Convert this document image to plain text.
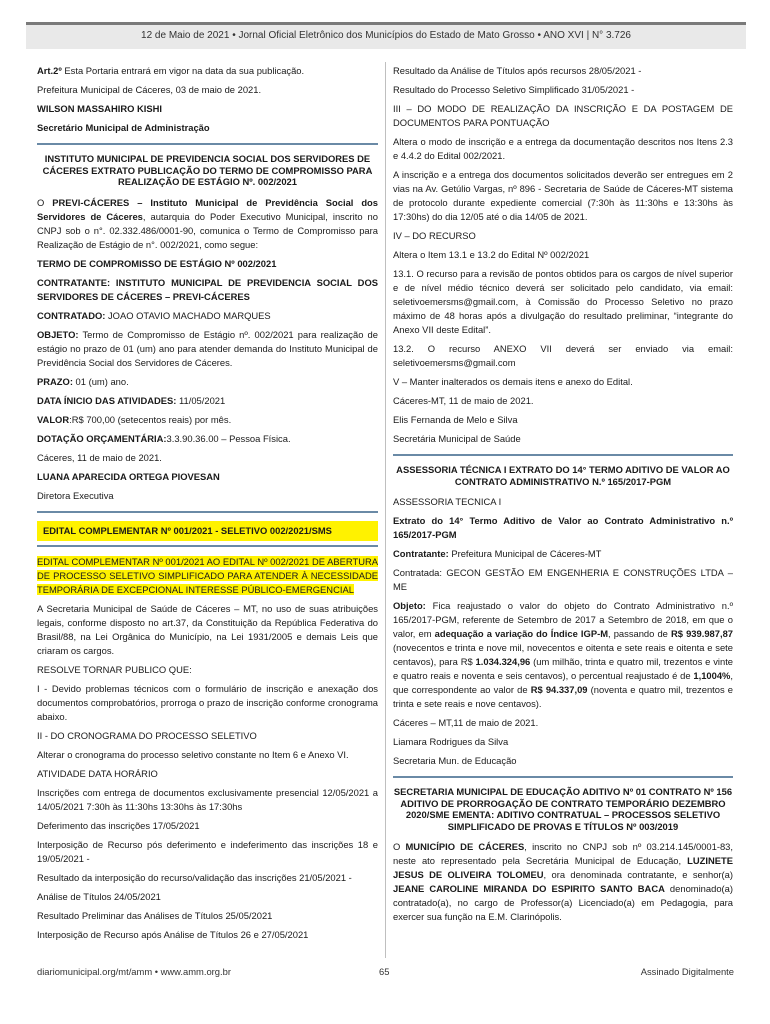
12 de Maio de 2021 • Jornal Oficial Eletrônico dos Municípios do Estado de Mato Grosso • ANO XVI | N° 3.726

Art.2º Esta Portaria entrará em vigor na data da sua publicação.

Prefeitura Municipal de Cáceres, 03 de maio de 2021.

WILSON MASSAHIRO KISHI

Secretário Municipal de Administração

INSTITUTO MUNICIPAL DE PREVIDENCIA SOCIAL DOS SERVIDORES DE CÁCERES EXTRATO PUBLICAÇÃO DO TERMO DE COMPROMISSO PARA REALIZAÇÃO DE ESTÁGIO Nº. 002/2021

O PREVI-CÁCERES – Instituto Municipal de Previdência Social dos Servidores de Cáceres, autarquia do Poder Executivo Municipal, inscrito no CNPJ sob o n°. 02.332.486/0001-90, comunica o Termo de Compromisso para Realização de Estágio de n°. 002/2021, como segue:

TERMO DE COMPROMISSO DE ESTÁGIO Nº 002/2021

CONTRATANTE: INSTITUTO MUNICIPAL DE PREVIDENCIA SOCIAL DOS SERVIDORES DE CÁCERES – PREVI-CÁCERES

CONTRATADO: JOAO OTAVIO MACHADO MARQUES

OBJETO: Termo de Compromisso de Estágio nº. 002/2021 para realização de estágio no prazo de 01 (um) ano para atender demanda do Instituto Municipal de Previdência Social dos Servidores de Cáceres.

PRAZO: 01 (um) ano.

DATA ÍNICIO DAS ATIVIDADES: 11/05/2021

VALOR:R$ 700,00 (setecentos reais) por mês.

DOTAÇÃO ORÇAMENTÁRIA:3.3.90.36.00 – Pessoa Física.

Cáceres, 11 de maio de 2021.

LUANA APARECIDA ORTEGA PIOVESAN

Diretora Executiva

EDITAL COMPLEMENTAR Nº 001/2021 - SELETIVO 002/2021/SMS

EDITAL COMPLEMENTAR Nº 001/2021 AO EDITAL Nº 002/2021 DE ABERTURA DE PROCESSO SELETIVO SIMPLIFICADO PARA ATENDER À NECESSIDADE TEMPORÁRIA DE EXCEPCIONAL INTERESSE PÚBLICO-EMERGENCIAL

A Secretaria Municipal de Saúde de Cáceres – MT, no uso de suas atribuições legais, conforme disposto no art.37, da Constituição da República Federativa do Brasil/88, na Lei Orgânica do Município, na Lei 1931/2005 e demais Leis que criaram os cargos.

RESOLVE TORNAR PUBLICO QUE:

I - Devido problemas técnicos com o formulário de inscrição e anexação dos documentos comprobatórios, prorroga o prazo de inscrição conforme cronograma abaixo.

II - DO CRONOGRAMA DO PROCESSO SELETIVO

Alterar o cronograma do processo seletivo constante no Item 6 e Anexo VI.

ATIVIDADE DATA HORÁRIO

Inscrições com entrega de documentos exclusivamente presencial 12/05/2021 a 14/05/2021 7:30h às 11:30hs 13:30hs às 17:30hs

Deferimento das inscrições 17/05/2021

Interposição de Recurso pós deferimento e indeferimento das inscrições 18 e 19/05/2021 -

Resultado da interposição do recurso/validação das inscrições 21/05/2021 -

Análise de Títulos 24/05/2021

Resultado Preliminar das Análises de Títulos 25/05/2021

Interposição de Recurso após Análise de Títulos 26 e 27/05/2021

Resultado da Análise de Títulos após recursos 28/05/2021 -

Resultado do Processo Seletivo Simplificado 31/05/2021 -

III – DO MODO DE REALIZAÇÃO DA INSCRIÇÃO E DA POSTAGEM DE DOCUMENTOS PARA PONTUAÇÃO

Altera o modo de inscrição e a entrega da documentação descritos nos Itens 2.3 e 4.4.2 do Edital 002/2021.

A inscrição e a entrega dos documentos solicitados deverão ser entregues em 2 vias na Av. Getúlio Vargas, nº 896 - Secretaria de Saúde de Cáceres-MT sistema de protocolo durante expediente comercial (7:30h às 11:30hs e 13:30hs às 17:30hs) do dia 12/05 até o dia 14/05 de 2021.

IV – DO RECURSO

Altera o Item 13.1 e 13.2 do Edital Nº 002/2021

13.1. O recurso para a revisão de pontos obtidos para os cargos de nível superior e de nível médio técnico deverá ser solicitado pelo candidato, via email: seletivoemersms@gmail.com, à Comissão do Processo Seletivo no prazo máximo de 48 horas após a divulgação do resultado preliminar, “integrante do Anexo VII deste Edital”.

13.2. O recurso ANEXO VII deverá ser enviado via email: seletivoemersms@gmail.com

V – Manter inalterados os demais itens e anexo do Edital.

Cáceres-MT, 11 de maio de 2021.

Elis Fernanda de Melo e Silva

Secretária Municipal de Saúde

ASSESSORIA TÉCNICA I EXTRATO DO 14° TERMO ADITIVO DE VALOR AO CONTRATO ADMINISTRATIVO N.º 165/2017-PGM

ASSESSORIA TECNICA I

Extrato do 14° Termo Aditivo de Valor ao Contrato Administrativo n.º 165/2017-PGM

Contratante: Prefeitura Municipal de Cáceres-MT

Contratada: GECON GESTÃO EM ENGENHERIA E CONSTRUÇÕES LTDA – ME

Objeto: Fica reajustado o valor do objeto do Contrato Administrativo n.º 165/2017-PGM, referente de Setembro de 2017 a Setembro de 2018, em que o valor, em adequação a variação do Índice IGP-M, passando de R$ 939.987,87 (novecentos e trinta e nove mil, novecentos e oitenta e sete reais e oitenta e sete centavos), para R$ 1.034.324,96 (um milhão, trinta e quatro mil, trezentos e vinte e quatro reais e noventa e seis centavos), o percentual reajustado é de 1,1004%, que correspondente ao valor de R$ 94.337,09 (noventa e quatro mil, trezentos e trinta e sete reais e nove centavos).

Cáceres – MT,11 de maio de 2021.

Liamara Rodrigues da Silva

Secretaria Mun. de Educação

SECRETARIA MUNICIPAL DE EDUCAÇÃO ADITIVO Nº 01 CONTRATO Nº 156 ADITIVO DE PRORROGAÇÃO DE CONTRATO TEMPORÁRIO DEZEMBRO 2020/SME EMENTA: ADITIVO CONTRATUAL – PROCESSOS SELETIVO SIMPLIFICADO DE PROVAS E TÍTULOS Nº 003/2019

O MUNICÍPIO DE CÁCERES, inscrito no CNPJ sob nº 03.214.145/0001-83, neste ato representado pela Secretária Municipal de Educação, LUZINETE JESUS DE OLIVEIRA TOLOMEU, ora denominada contratante, e senhor(a) JEANE CAROLINE MIRANDA DO ESPIRITO SANTO BACA denominado(a) contratado(a), no cargo de Professor(a) Licenciado(a) em Pedagogia, para exercer sua função na E.M. Clarinópolis.

diariomunicipal.org/mt/amm • www.amm.org.br	65	Assinado Digitalmente
